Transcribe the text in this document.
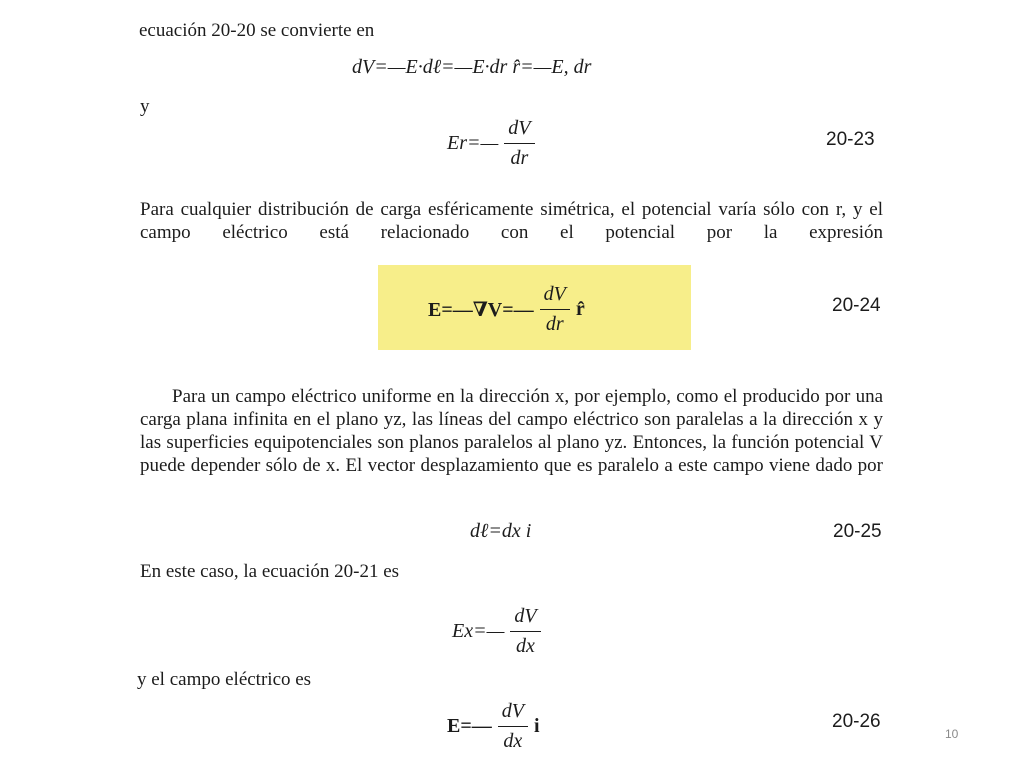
ecuación 20-20 se convierte en
dV=—E·dℓ=—E·dr r̂=—E, dr
y
Er=— $\frac{dV}{dr}$	20-23
Para cualquier distribución de carga esféricamente simétrica, el potencial varía sólo con r, y el campo eléctrico está relacionado con el potencial por la expresión
E=—∇V=— $\frac{dV}{dr}$ r̂	20-24
Para un campo eléctrico uniforme en la dirección x, por ejemplo, como el producido por una carga plana infinita en el plano yz, las líneas del campo eléctrico son paralelas a la dirección x y las superficies equipotenciales son planos paralelos al plano yz. Entonces, la función potencial V puede depender sólo de x. El vector desplazamiento que es paralelo a este campo viene dado por
dℓ=dx i	20-25
En este caso, la ecuación 20-21 es
Ex=— $\frac{dV}{dx}$
y el campo eléctrico es
E=— $\frac{dV}{dx}$ i	20-26
10
